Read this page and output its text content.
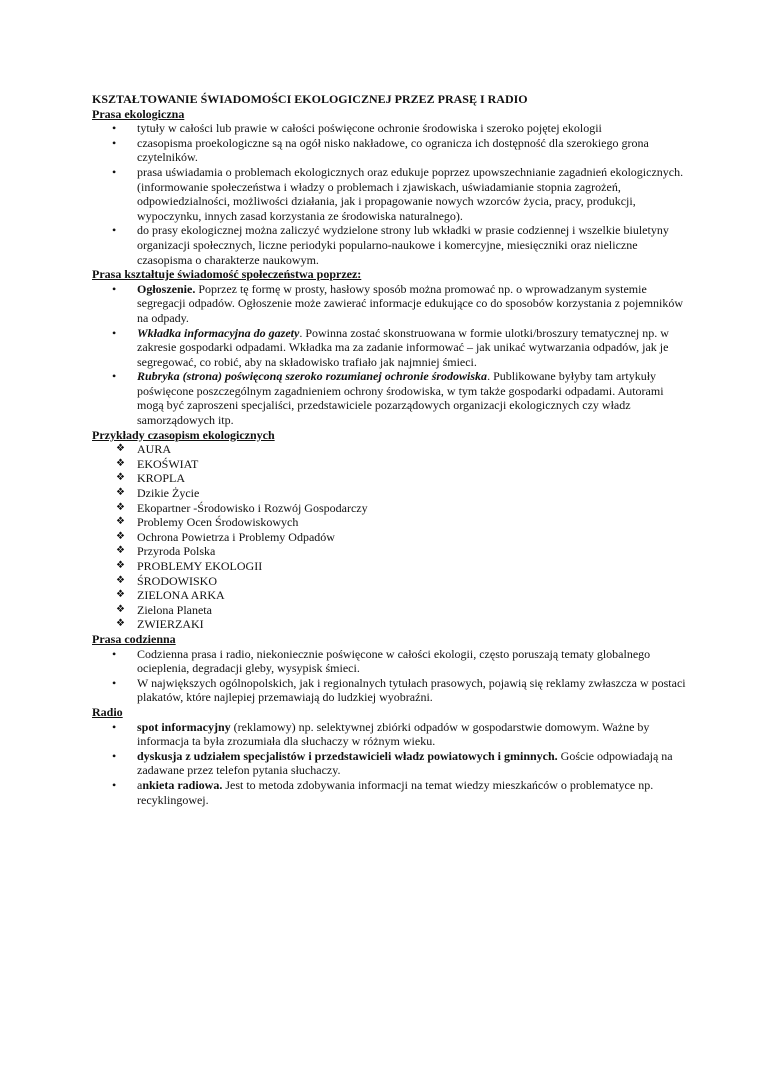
KSZTAŁTOWANIE ŚWIADOMOŚCI EKOLOGICZNEJ PRZEZ PRASĘ I RADIO
Prasa ekologiczna
• tytuły w całości lub prawie w całości poświęcone ochronie środowiska i szeroko pojętej ekologii
• czasopisma proekologiczne są na ogół nisko nakładowe, co ogranicza ich dostępność dla szerokiego grona czytelników.
• prasa uświadamia o problemach ekologicznych oraz edukuje poprzez upowszechnianie zagadnień ekologicznych. (informowanie społeczeństwa i władzy o problemach i zjawiskach, uświadamianie stopnia zagrożeń, odpowiedzialności, możliwości działania, jak i propagowanie nowych wzorców życia, pracy, produkcji, wypoczynku, innych zasad korzystania ze środowiska naturalnego).
• do prasy ekologicznej można zaliczyć wydzielone strony lub wkładki w prasie codziennej i wszelkie biuletyny organizacji społecznych, liczne periodyki popularno-naukowe i komercyjne, miesięczniki oraz nieliczne czasopisma o charakterze naukowym.
Prasa kształtuje świadomość społeczeństwa poprzez:
• Ogłoszenie. Poprzez tę formę w prosty, hasłowy sposób można promować np. o wprowadzanym systemie segregacji odpadów. Ogłoszenie może zawierać informacje edukujące co do sposobów korzystania z pojemników na odpady.
• Wkładka informacyjna do gazety. Powinna zostać skonstruowana w formie ulotki/broszury tematycznej np. w zakresie gospodarki odpadami. Wkładka ma za zadanie informować – jak unikać wytwarzania odpadów, jak je segregować, co robić, aby na składowisko trafiało jak najmniej śmieci.
• Rubryka (strona) poświęconą szeroko rozumianej ochronie środowiska. Publikowane byłyby tam artykuły poświęcone poszczególnym zagadnieniem ochrony środowiska, w tym także gospodarki odpadami. Autorami mogą być zaproszeni specjaliści, przedstawiciele pozarządowych organizacji ekologicznych czy władz samorządowych itp.
Przykłady czasopism ekologicznych
❖ AURA
❖ EKOŚWIAT
❖ KROPLA
❖ Dzikie Życie
❖ Ekopartner -Środowisko i Rozwój Gospodarczy
❖ Problemy Ocen Środowiskowych
❖ Ochrona Powietrza i Problemy Odpadów
❖ Przyroda Polska
❖ PROBLEMY EKOLOGII
❖ ŚRODOWISKO
❖ ZIELONA ARKA
❖ Zielona Planeta
❖ ZWIERZAKI
Prasa codzienna
• Codzienna prasa i radio, niekoniecznie poświęcone w całości ekologii, często poruszają tematy globalnego ocieplenia, degradacji gleby, wysypisk śmieci.
• W największych ogólnopolskich, jak i regionalnych tytułach prasowych, pojawią się reklamy zwłaszcza w postaci plakatów, które najlepiej przemawiają do ludzkiej wyobraźni.
Radio
• spot informacyjny (reklamowy) np. selektywnej zbiórki odpadów w gospodarstwie domowym. Ważne by informacja ta była zrozumiała dla słuchaczy w różnym wieku.
• dyskusja z udziałem specjalistów i przedstawicieli władz powiatowych i gminnych. Goście odpowiadają na zadawane przez telefon pytania słuchaczy.
• ankieta radiowa. Jest to metoda zdobywania informacji na temat wiedzy mieszkańców o problematyce np. recyklingowej.
